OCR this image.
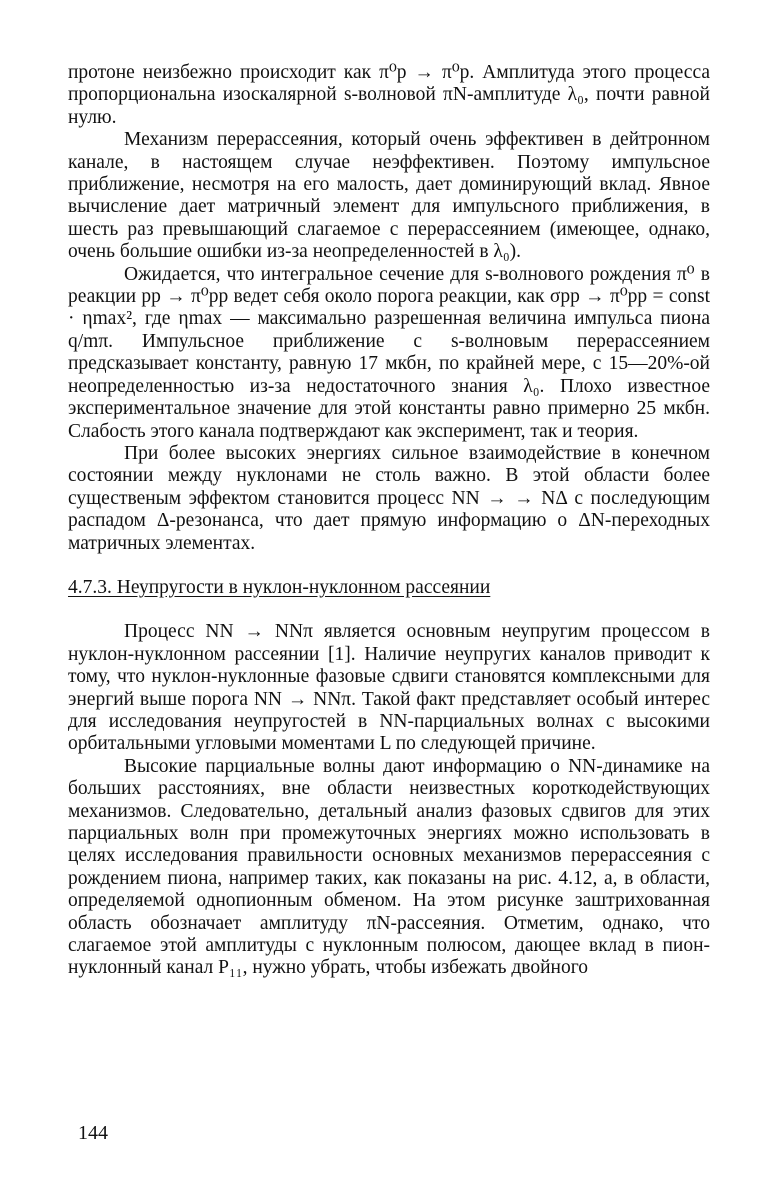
протоне неизбежно происходит как π⁰p → π⁰p. Амплитуда этого процесса пропорциональна изоскалярной s-волновой πN-амплитуде λ₀, почти равной нулю.

Механизм перерассеяния, который очень эффективен в дейтронном канале, в настоящем случае неэффективен. Поэтому импульсное приближение, несмотря на его малость, дает доминирующий вклад. Явное вычисление дает матричный элемент для импульсного приближения, в шесть раз превышающий слагаемое с перерассеянием (имеющее, однако, очень большие ошибки из-за неопределенностей в λ₀).

Ожидается, что интегральное сечение для s-волнового рождения π⁰ в реакции pp → π⁰pp ведет себя около порога реакции, как σpp → π⁰pp = const · ηmax², где ηmax — максимально разрешенная величина импульса пиона q/mπ. Импульсное приближение с s-волновым перерассеянием предсказывает константу, равную 17 мкбн, по крайней мере, с 15—20%-ой неопределенностью из-за недостаточного знания λ₀. Плохо известное экспериментальное значение для этой константы равно примерно 25 мкбн. Слабость этого канала подтверждают как эксперимент, так и теория.

При более высоких энергиях сильное взаимодействие в конечном состоянии между нуклонами не столь важно. В этой области более существеным эффектом становится процесс NN → → NΔ с последующим распадом Δ-резонанса, что дает прямую информацию о ΔN-переходных матричных элементах.

4.7.3. Неупругости в нуклон-нуклонном рассеянии

Процесс NN → NNπ является основным неупругим процессом в нуклон-нуклонном рассеянии [1]. Наличие неупругих каналов приводит к тому, что нуклон-нуклонные фазовые сдвиги становятся комплексными для энергий выше порога NN → NNπ. Такой факт представляет особый интерес для исследования неупругостей в NN-парциальных волнах с высокими орбитальными угловыми моментами L по следующей причине.

Высокие парциальные волны дают информацию о NN-динамике на больших расстояниях, вне области неизвестных короткодействующих механизмов. Следовательно, детальный анализ фазовых сдвигов для этих парциальных волн при промежуточных энергиях можно использовать в целях исследования правильности основных механизмов перерассеяния с рождением пиона, например таких, как показаны на рис. 4.12, а, в области, определяемой однопионным обменом. На этом рисунке заштрихованная область обозначает амплитуду πN-рассеяния. Отметим, однако, что слагаемое этой амплитуды с нуклонным полюсом, дающее вклад в пион-нуклонный канал P₁₁, нужно убрать, чтобы избежать двойного

144
